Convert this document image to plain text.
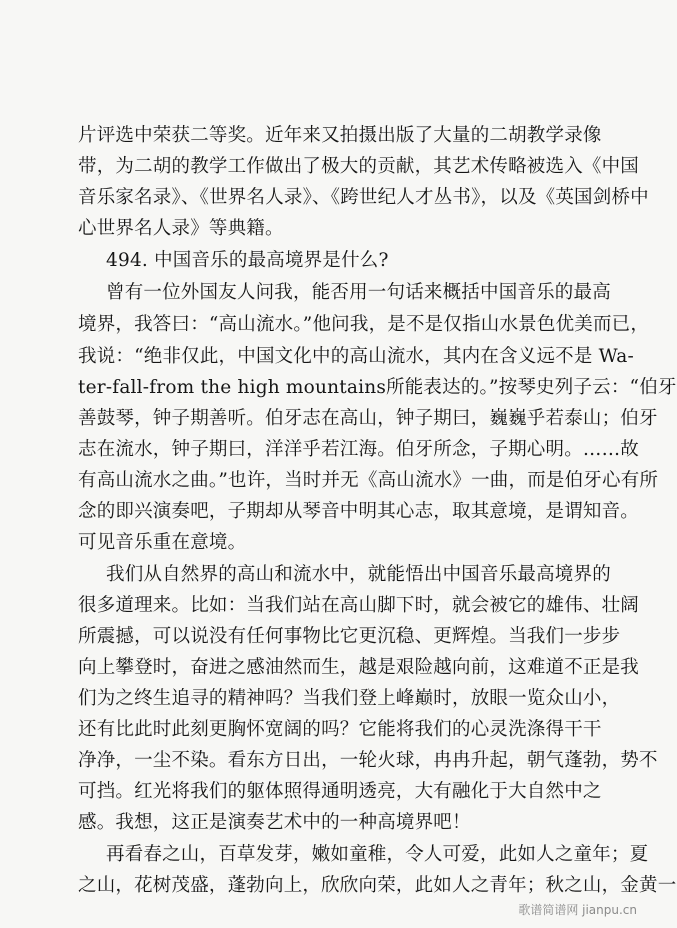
片评选中荣获二等奖。近年来又拍摄出版了大量的二胡教学录像
带，为二胡的教学工作做出了极大的贡献，其艺术传略被选入《中国
音乐家名录》、《世界名人录》、《跨世纪人才丛书》，以及《英国剑桥中
心世界名人录》等典籍。
494. 中国音乐的最高境界是什么?
曾有一位外国友人问我，能否用一句话来概括中国音乐的最高
境界，我答曰：“高山流水。”他问我，是不是仅指山水景色优美而已，
我说：“绝非仅此，中国文化中的高山流水，其内在含义远不是 Wa-
ter-fall-from the high mountains所能表达的。”按琴史列子云：“伯牙
善鼓琴，钟子期善听。伯牙志在高山，钟子期曰，巍巍乎若泰山；伯牙
志在流水，钟子期曰，洋洋乎若江海。伯牙所念，子期心明。……故
有高山流水之曲。”也许，当时并无《高山流水》一曲，而是伯牙心有所
念的即兴演奏吧，子期却从琴音中明其心志，取其意境，是谓知音。
可见音乐重在意境。
我们从自然界的高山和流水中，就能悟出中国音乐最高境界的
很多道理来。比如：当我们站在高山脚下时，就会被它的雄伟、壮阔
所震撼，可以说没有任何事物比它更沉稳、更辉煌。当我们一步步
向上攀登时，奋进之感油然而生，越是艰险越向前，这难道不正是我
们为之终生追寻的精神吗？当我们登上峰巅时，放眼一览众山小，
还有比此时此刻更胸怀宽阔的吗？它能将我们的心灵洗涤得干干
净净，一尘不染。看东方日出，一轮火球，冉冉升起，朝气蓬勃，势不
可挡。红光将我们的躯体照得通明透亮，大有融化于大自然中之
感。我想，这正是演奏艺术中的一种高境界吧！
再看春之山，百草发芽，嫩如童稚，令人可爱，此如人之童年；夏
之山，花树茂盛，蓬勃向上，欣欣向荣，此如人之青年；秋之山，金黄一
歌谱简谱网 jianpu.cn
